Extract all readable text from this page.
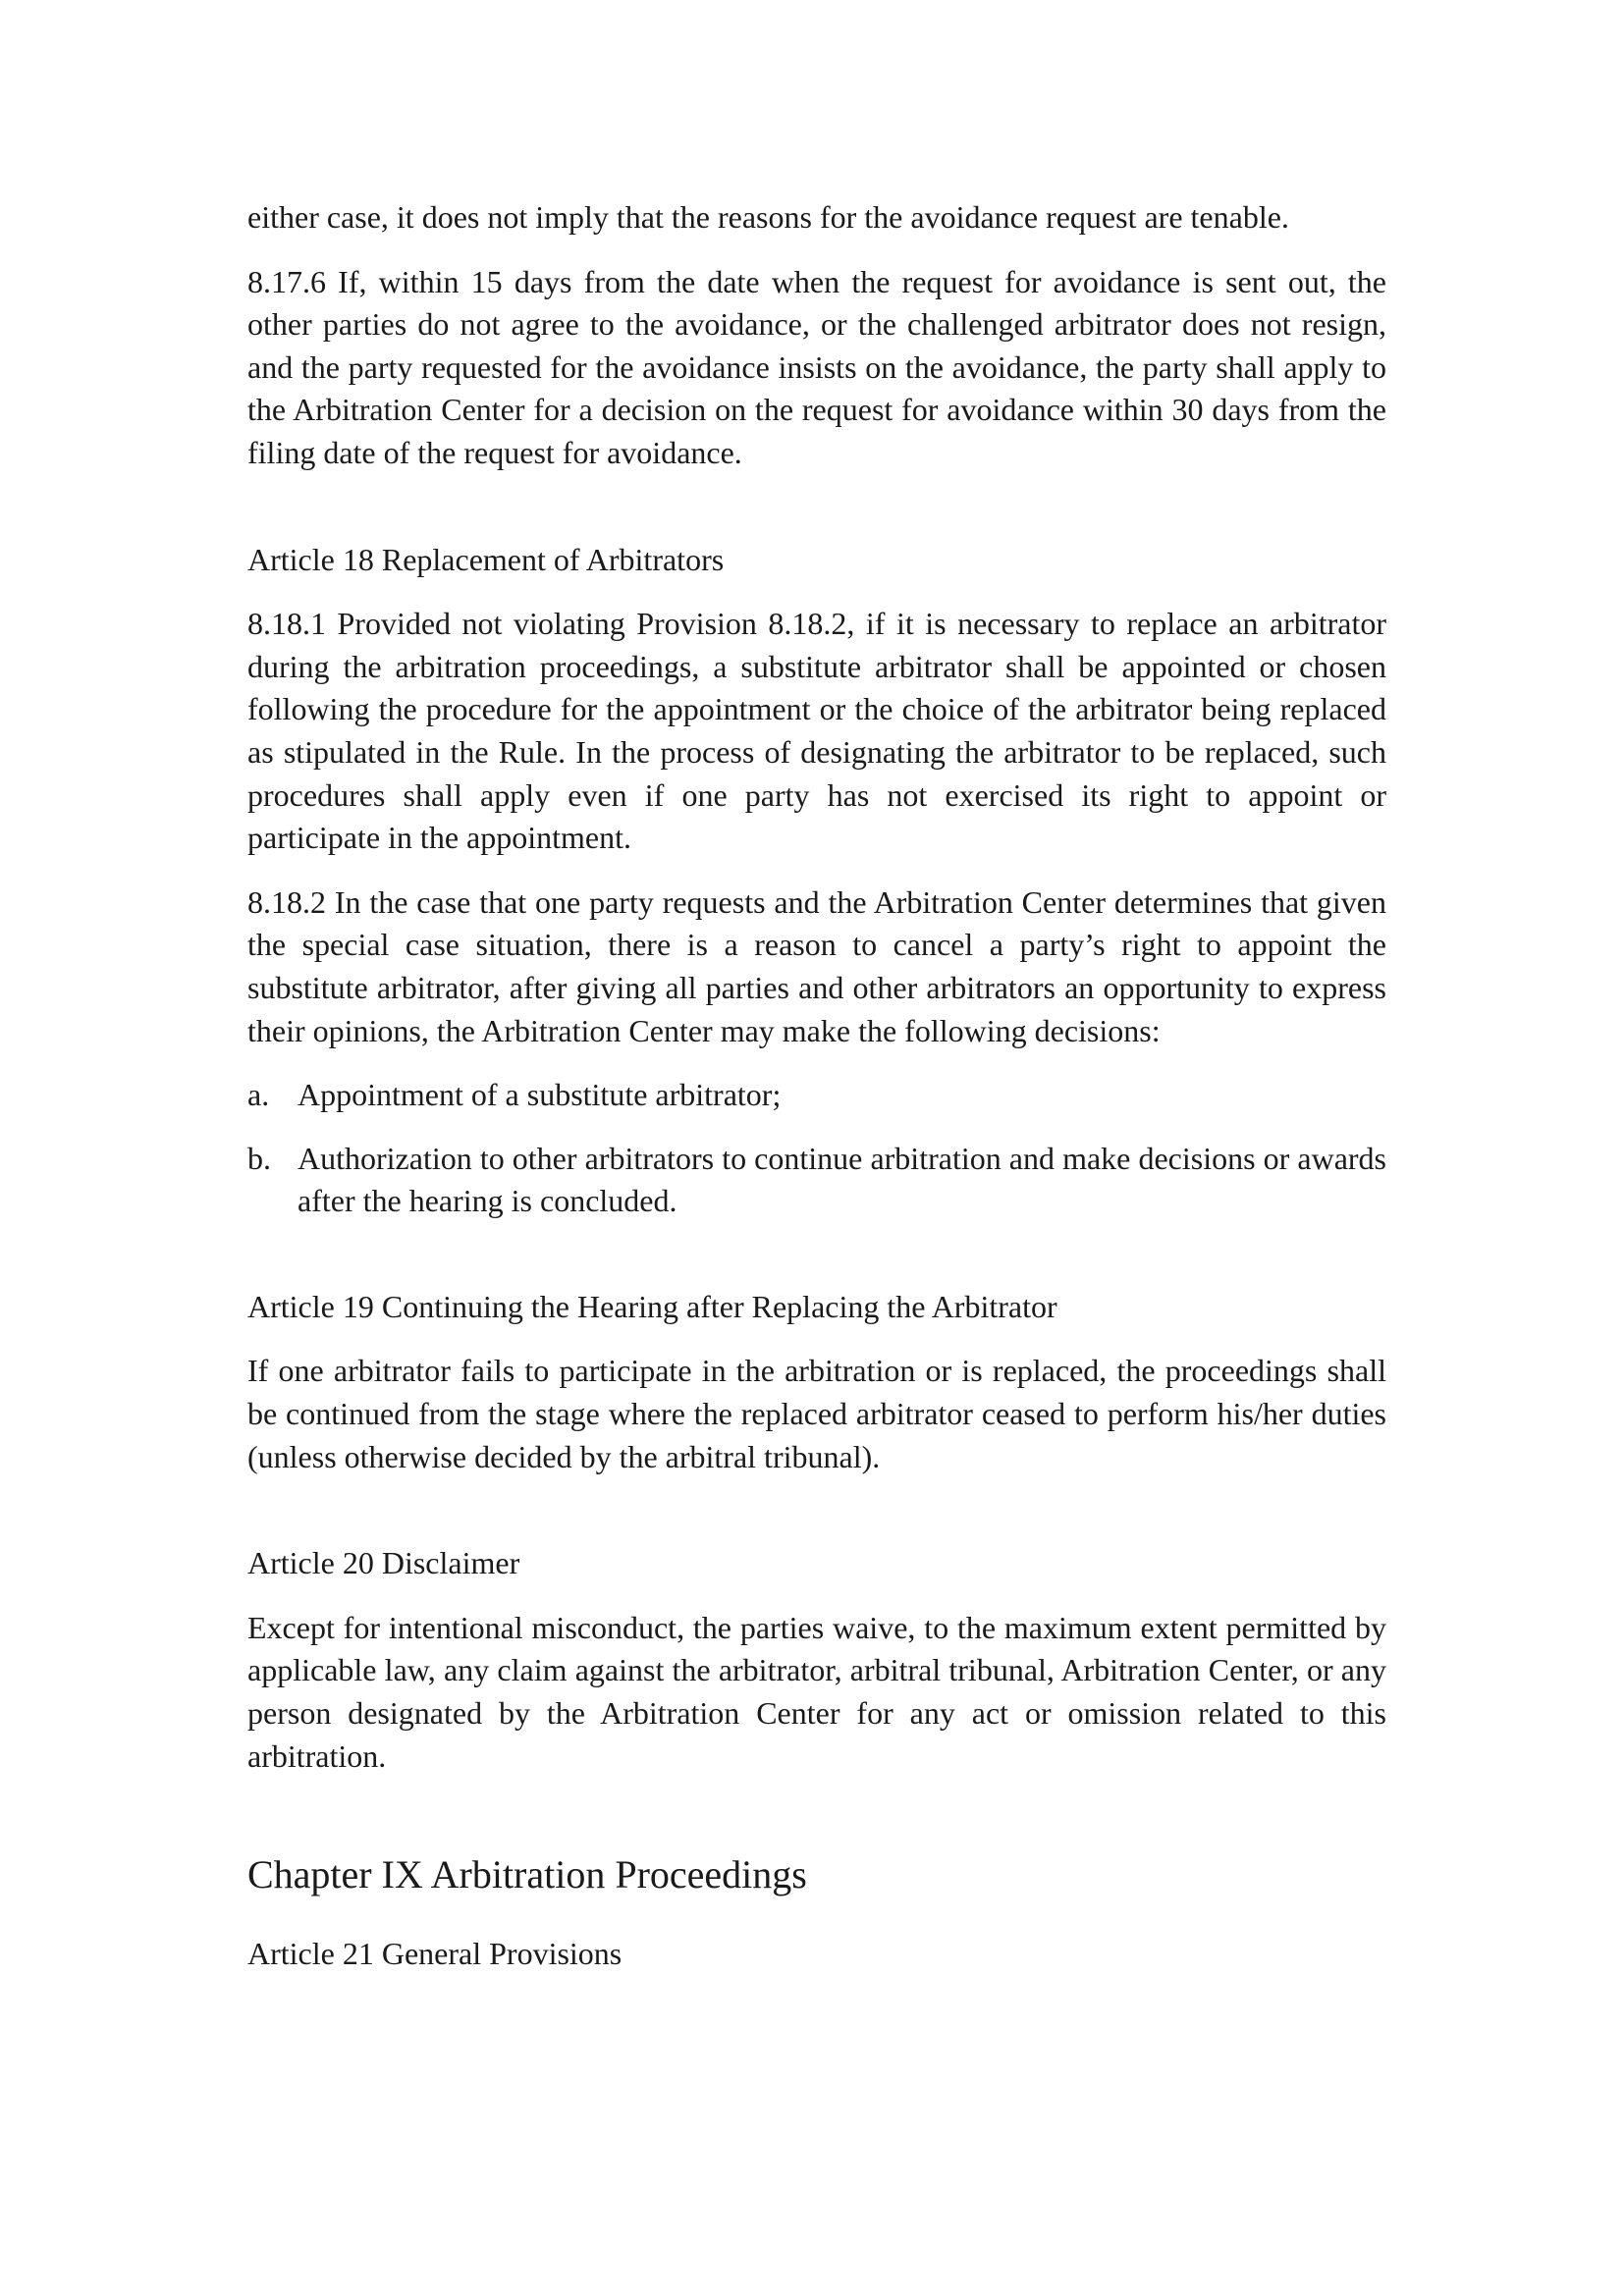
either case, it does not imply that the reasons for the avoidance request are tenable.

8.17.6 If, within 15 days from the date when the request for avoidance is sent out, the other parties do not agree to the avoidance, or the challenged arbitrator does not resign, and the party requested for the avoidance insists on the avoidance, the party shall apply to the Arbitration Center for a decision on the request for avoidance within 30 days from the filing date of the request for avoidance.

Article 18 Replacement of Arbitrators

8.18.1 Provided not violating Provision 8.18.2, if it is necessary to replace an arbitrator during the arbitration proceedings, a substitute arbitrator shall be appointed or chosen following the procedure for the appointment or the choice of the arbitrator being replaced as stipulated in the Rule. In the process of designating the arbitrator to be replaced, such procedures shall apply even if one party has not exercised its right to appoint or participate in the appointment.

8.18.2 In the case that one party requests and the Arbitration Center determines that given the special case situation, there is a reason to cancel a party’s right to appoint the substitute arbitrator, after giving all parties and other arbitrators an opportunity to express their opinions, the Arbitration Center may make the following decisions:

a. Appointment of a substitute arbitrator;
b. Authorization to other arbitrators to continue arbitration and make decisions or awards after the hearing is concluded.
Article 19 Continuing the Hearing after Replacing the Arbitrator

If one arbitrator fails to participate in the arbitration or is replaced, the proceedings shall be continued from the stage where the replaced arbitrator ceased to perform his/her duties (unless otherwise decided by the arbitral tribunal).

Article 20 Disclaimer

Except for intentional misconduct, the parties waive, to the maximum extent permitted by applicable law, any claim against the arbitrator, arbitral tribunal, Arbitration Center, or any person designated by the Arbitration Center for any act or omission related to this arbitration.

Chapter IX Arbitration Proceedings
Article 21 General Provisions
